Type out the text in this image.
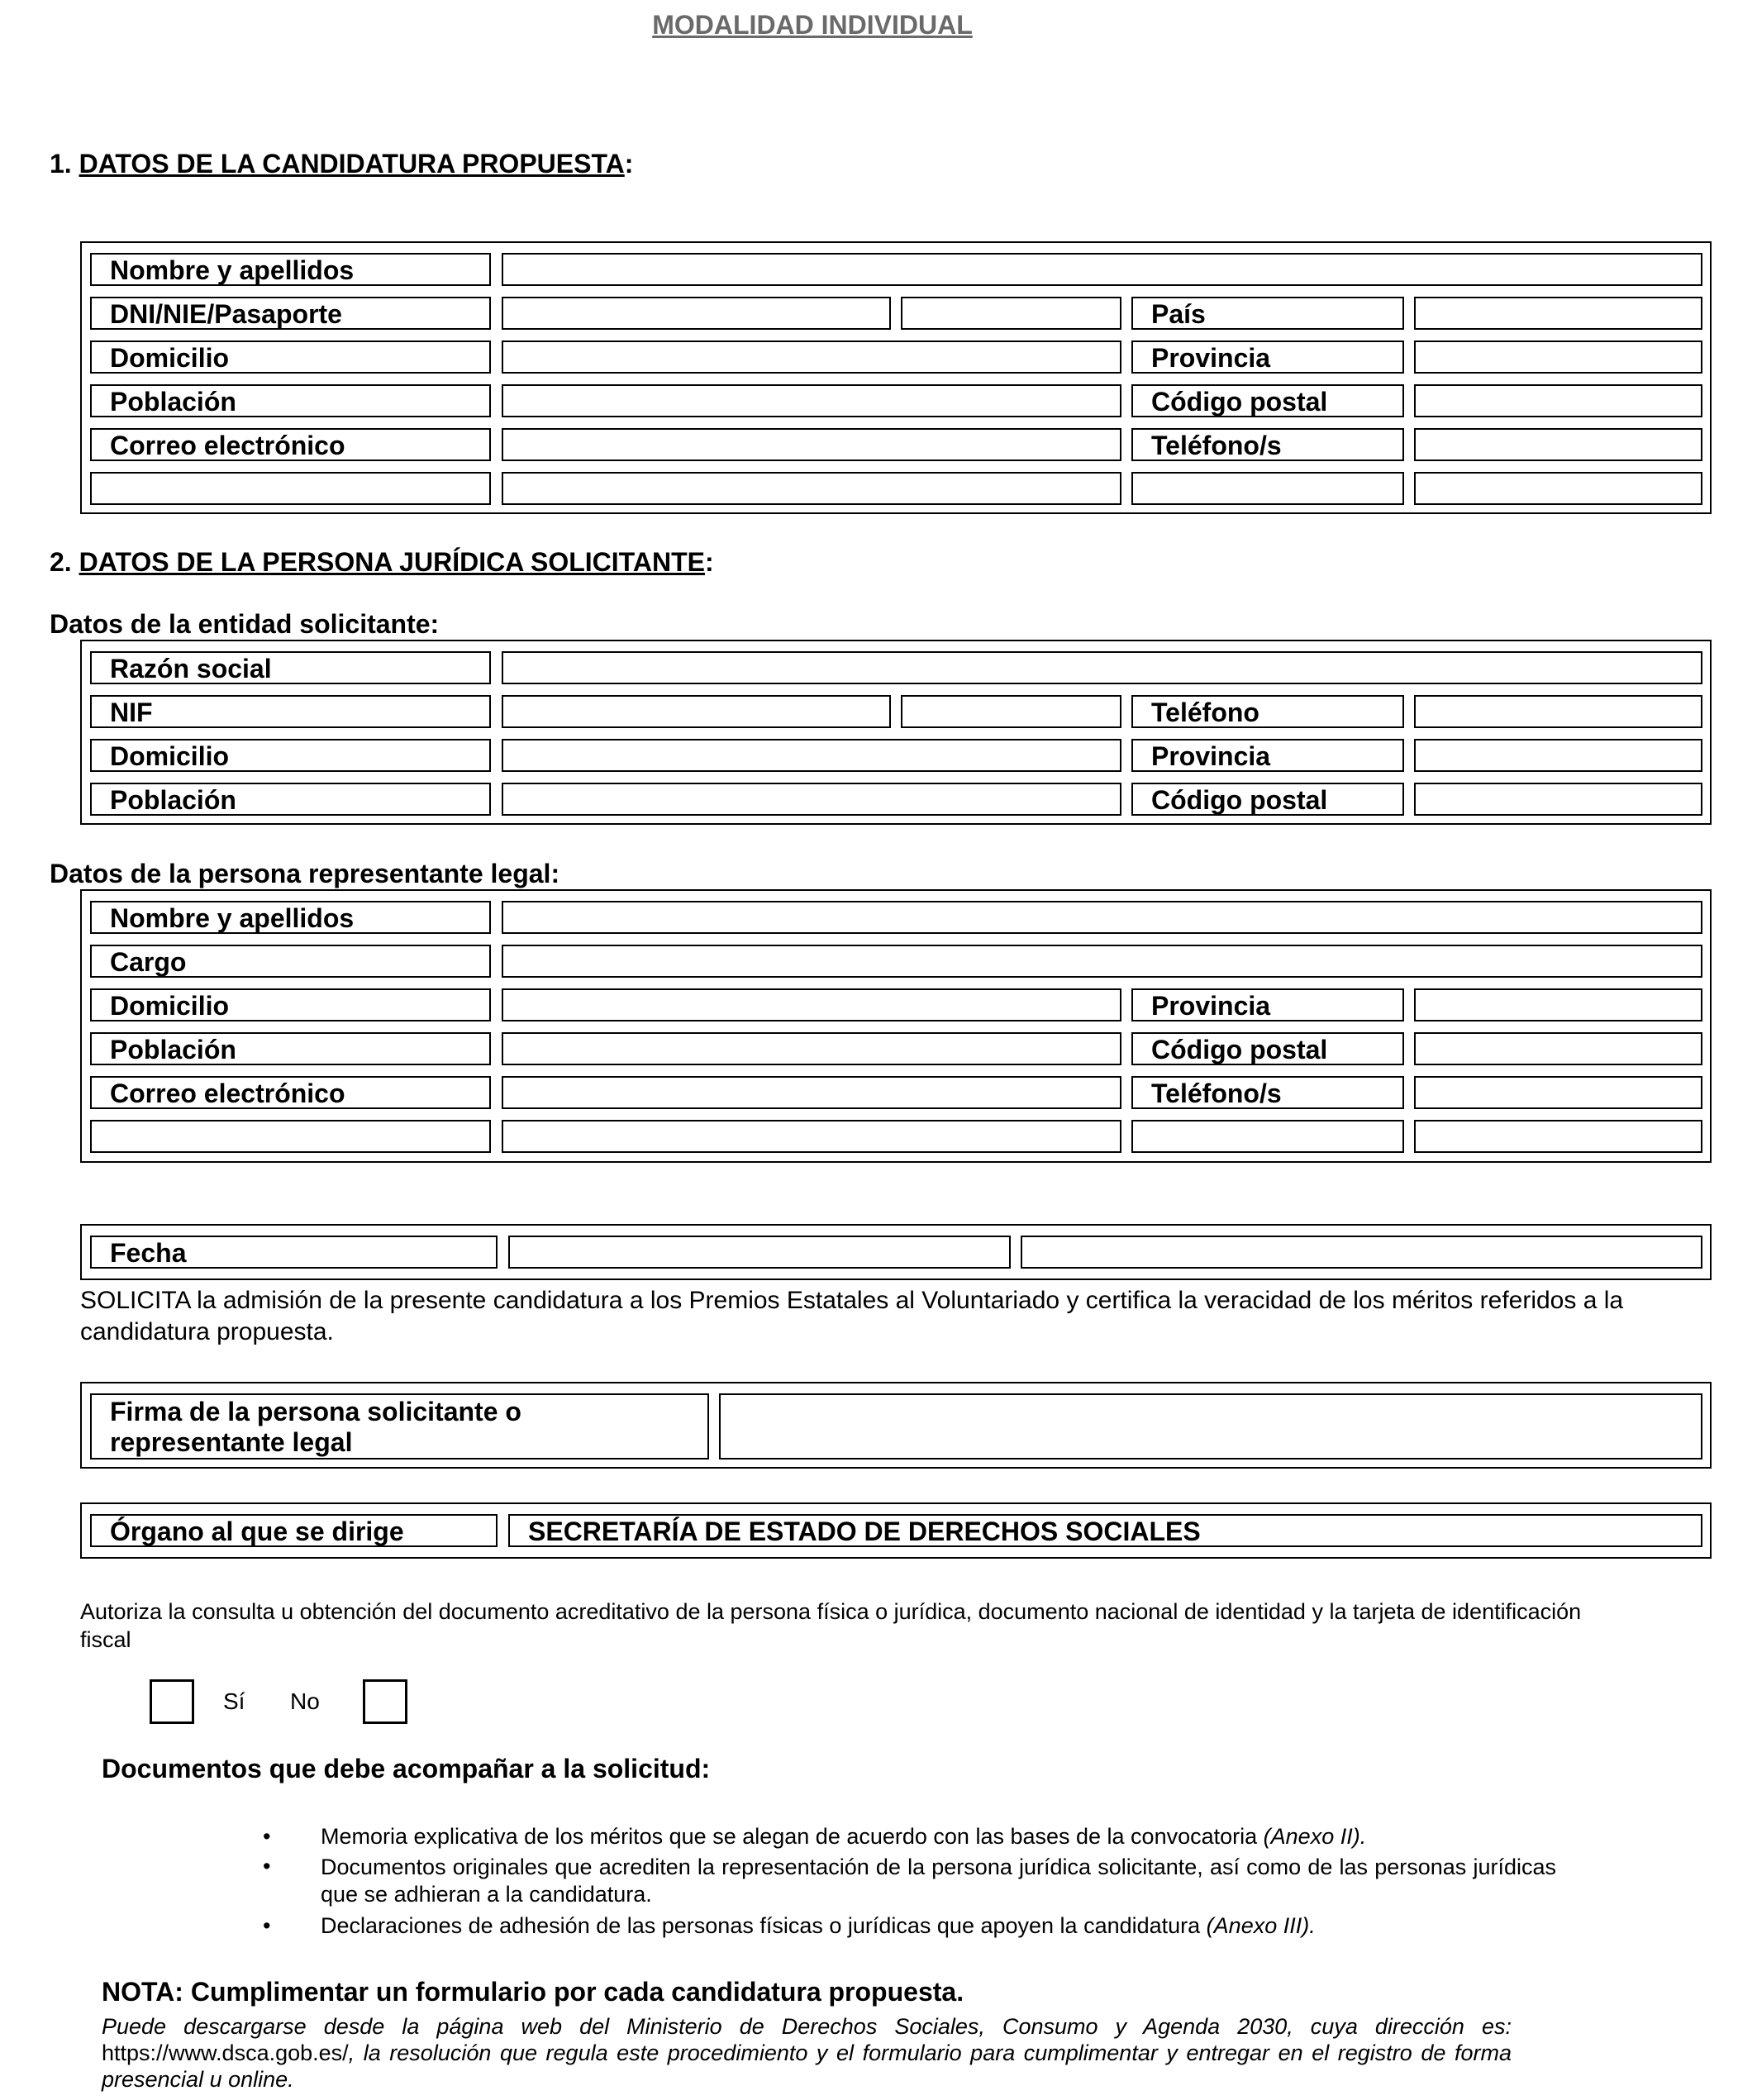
MODALIDAD INDIVIDUAL
1. DATOS DE LA CANDIDATURA PROPUESTA:
Nombre y apellidos
DNI/NIE/Pasaporte	País
Domicilio	Provincia
Población	Código postal
Correo electrónico	Teléfono/s
2. DATOS DE LA PERSONA JURÍDICA SOLICITANTE:
Datos de la entidad solicitante:
Razón social
NIF	Teléfono
Domicilio	Provincia
Población	Código postal
Datos de la persona representante legal:
Nombre y apellidos
Cargo
Domicilio	Provincia
Población	Código postal
Correo electrónico	Teléfono/s
Fecha
SOLICITA la admisión de la presente candidatura a los Premios Estatales al Voluntariado y certifica la veracidad de los méritos referidos a la candidatura propuesta.
Firma de la persona solicitante o
representante legal
Órgano al que se dirige	SECRETARÍA DE ESTADO DE DERECHOS SOCIALES
Autoriza la consulta u obtención del documento acreditativo de la persona física o jurídica, documento nacional de identidad y la tarjeta de identificación fiscal
Sí No
Documentos que debe acompañar a la solicitud:
• Memoria explicativa de los méritos que se alegan de acuerdo con las bases de la convocatoria (Anexo II).
• Documentos originales que acrediten la representación de la persona jurídica solicitante, así como de las personas jurídicas que se adhieran a la candidatura.
• Declaraciones de adhesión de las personas físicas o jurídicas que apoyen la candidatura (Anexo III).
NOTA: Cumplimentar un formulario por cada candidatura propuesta.
Puede descargarse desde la página web del Ministerio de Derechos Sociales, Consumo y Agenda 2030, cuya dirección es: https://www.dsca.gob.es/, la resolución que regula este procedimiento y el formulario para cumplimentar y entregar en el registro de forma presencial u online.
